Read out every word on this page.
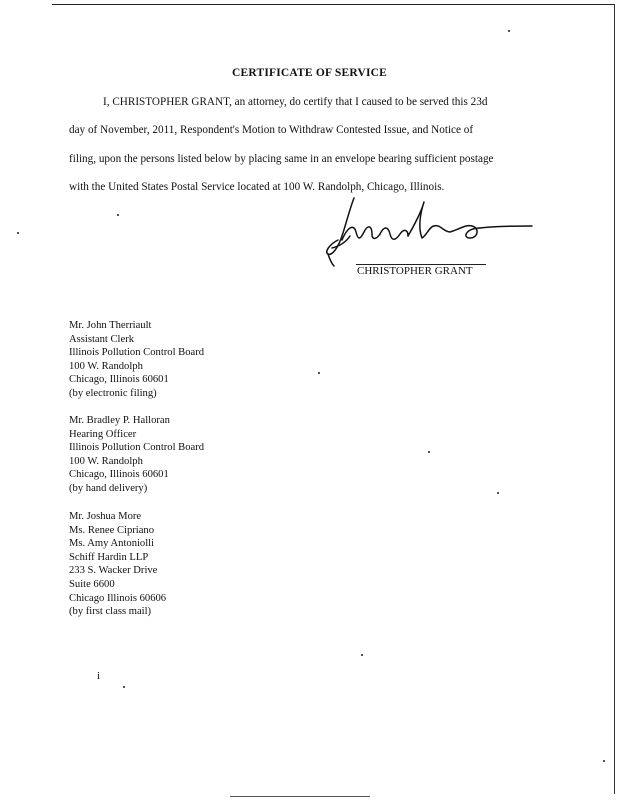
CERTIFICATE OF SERVICE
I, CHRISTOPHER GRANT, an attorney, do certify that I caused to be served this 23d
day of November, 2011, Respondent's Motion to Withdraw Contested Issue, and Notice of
filing, upon the persons listed below by placing same in an envelope bearing sufficient postage
with the United States Postal Service located at 100 W. Randolph, Chicago, Illinois.
CHRISTOPHER GRANT
Mr. John Therriault
Assistant Clerk
Illinois Pollution Control Board
100 W. Randolph
Chicago, Illinois 60601
(by electronic filing)
Mr. Bradley P. Halloran
Hearing Officer
Illinois Pollution Control Board
100 W. Randolph
Chicago, Illinois 60601
(by hand delivery)
Mr. Joshua More
Ms. Renee Cipriano
Ms. Amy Antoniolli
Schiff Hardin LLP
233 S. Wacker Drive
Suite 6600
Chicago Illinois 60606
(by first class mail)
i
